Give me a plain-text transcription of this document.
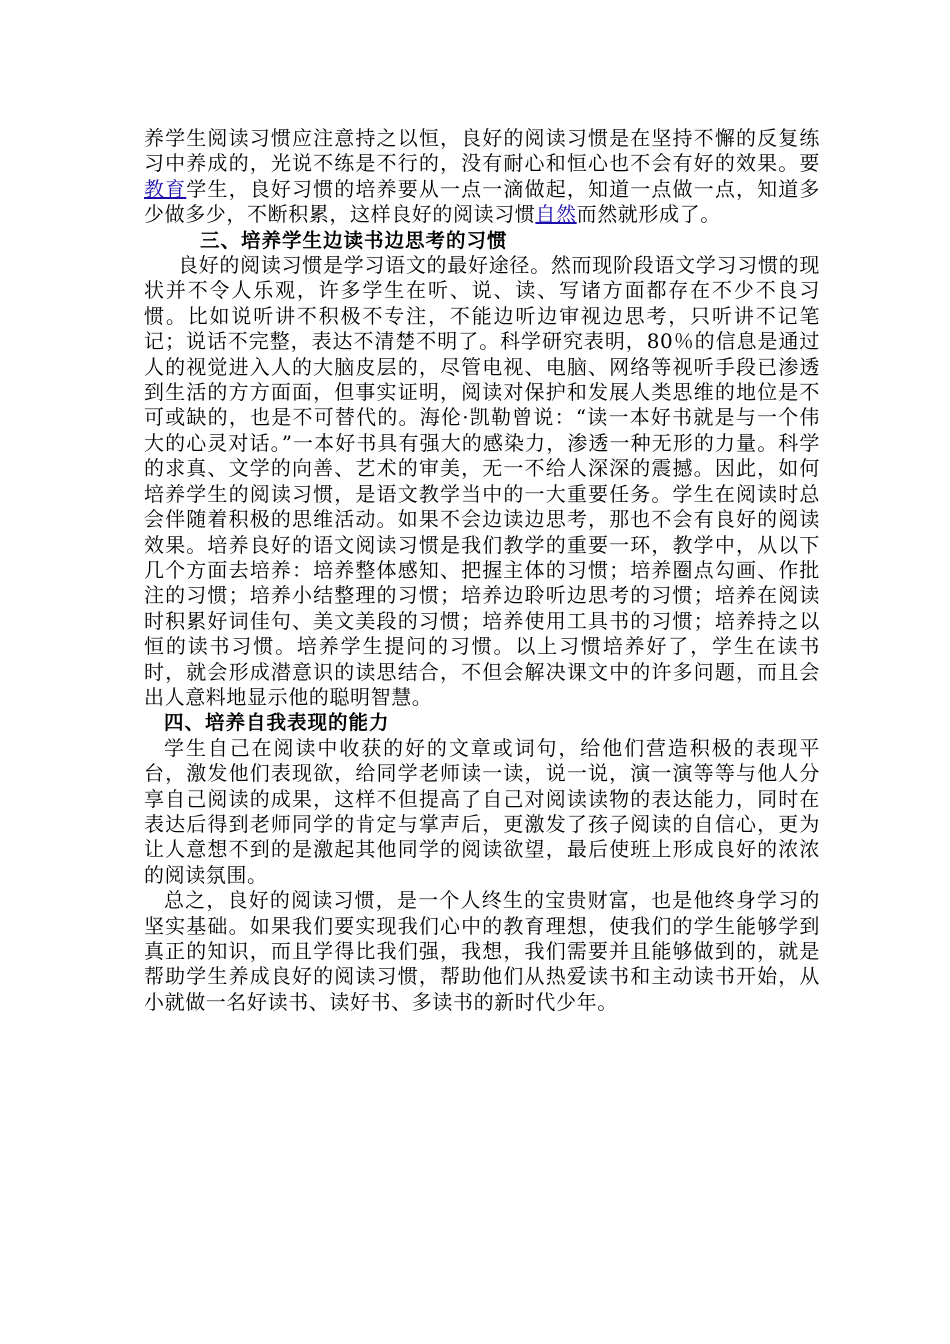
养学生阅读习惯应注意持之以恒，良好的阅读习惯是在坚持不懈的反复练习中养成的，光说不练是不行的，没有耐心和恒心也不会有好的效果。要教育学生，良好习惯的培养要从一点一滴做起，知道一点做一点，知道多少做多少，不断积累，这样良好的阅读习惯自然而然就形成了。

三、培养学生边读书边思考的习惯

良好的阅读习惯是学习语文的最好途径。然而现阶段语文学习习惯的现状并不令人乐观，许多学生在听、说、读、写诸方面都存在不少不良习惯。比如说听讲不积极不专注，不能边听边审视边思考，只听讲不记笔记；说话不完整，表达不清楚不明了。科学研究表明，80％的信息是通过人的视觉进入人的大脑皮层的，尽管电视、电脑、网络等视听手段已渗透到生活的方方面面，但事实证明，阅读对保护和发展人类思维的地位是不可或缺的，也是不可替代的。海伦·凯勒曾说：“读一本好书就是与一个伟大的心灵对话。”一本好书具有强大的感染力，渗透一种无形的力量。科学的求真、文学的向善、艺术的审美，无一不给人深深的震撼。因此，如何培养学生的阅读习惯，是语文教学当中的一大重要任务。学生在阅读时总会伴随着积极的思维活动。如果不会边读边思考，那也不会有良好的阅读效果。培养良好的语文阅读习惯是我们教学的重要一环，教学中，从以下几个方面去培养：培养整体感知、把握主体的习惯；培养圈点勾画、作批注的习惯；培养小结整理的习惯；培养边聆听边思考的习惯；培养在阅读时积累好词佳句、美文美段的习惯；培养使用工具书的习惯；培养持之以恒的读书习惯。培养学生提问的习惯。以上习惯培养好了，学生在读书时，就会形成潜意识的读思结合，不但会解决课文中的许多问题，而且会出人意料地显示他的聪明智慧。

四、培养自我表现的能力

学生自己在阅读中收获的好的文章或词句，给他们营造积极的表现平台，激发他们表现欲，给同学老师读一读，说一说，演一演等等与他人分享自己阅读的成果，这样不但提高了自己对阅读读物的表达能力，同时在表达后得到老师同学的肯定与掌声后，更激发了孩子阅读的自信心，更为让人意想不到的是激起其他同学的阅读欲望，最后使班上形成良好的浓浓的阅读氛围。

总之，良好的阅读习惯，是一个人终生的宝贵财富，也是他终身学习的坚实基础。如果我们要实现我们心中的教育理想，使我们的学生能够学到真正的知识，而且学得比我们强，我想，我们需要并且能够做到的，就是帮助学生养成良好的阅读习惯，帮助他们从热爱读书和主动读书开始，从小就做一名好读书、读好书、多读书的新时代少年。
